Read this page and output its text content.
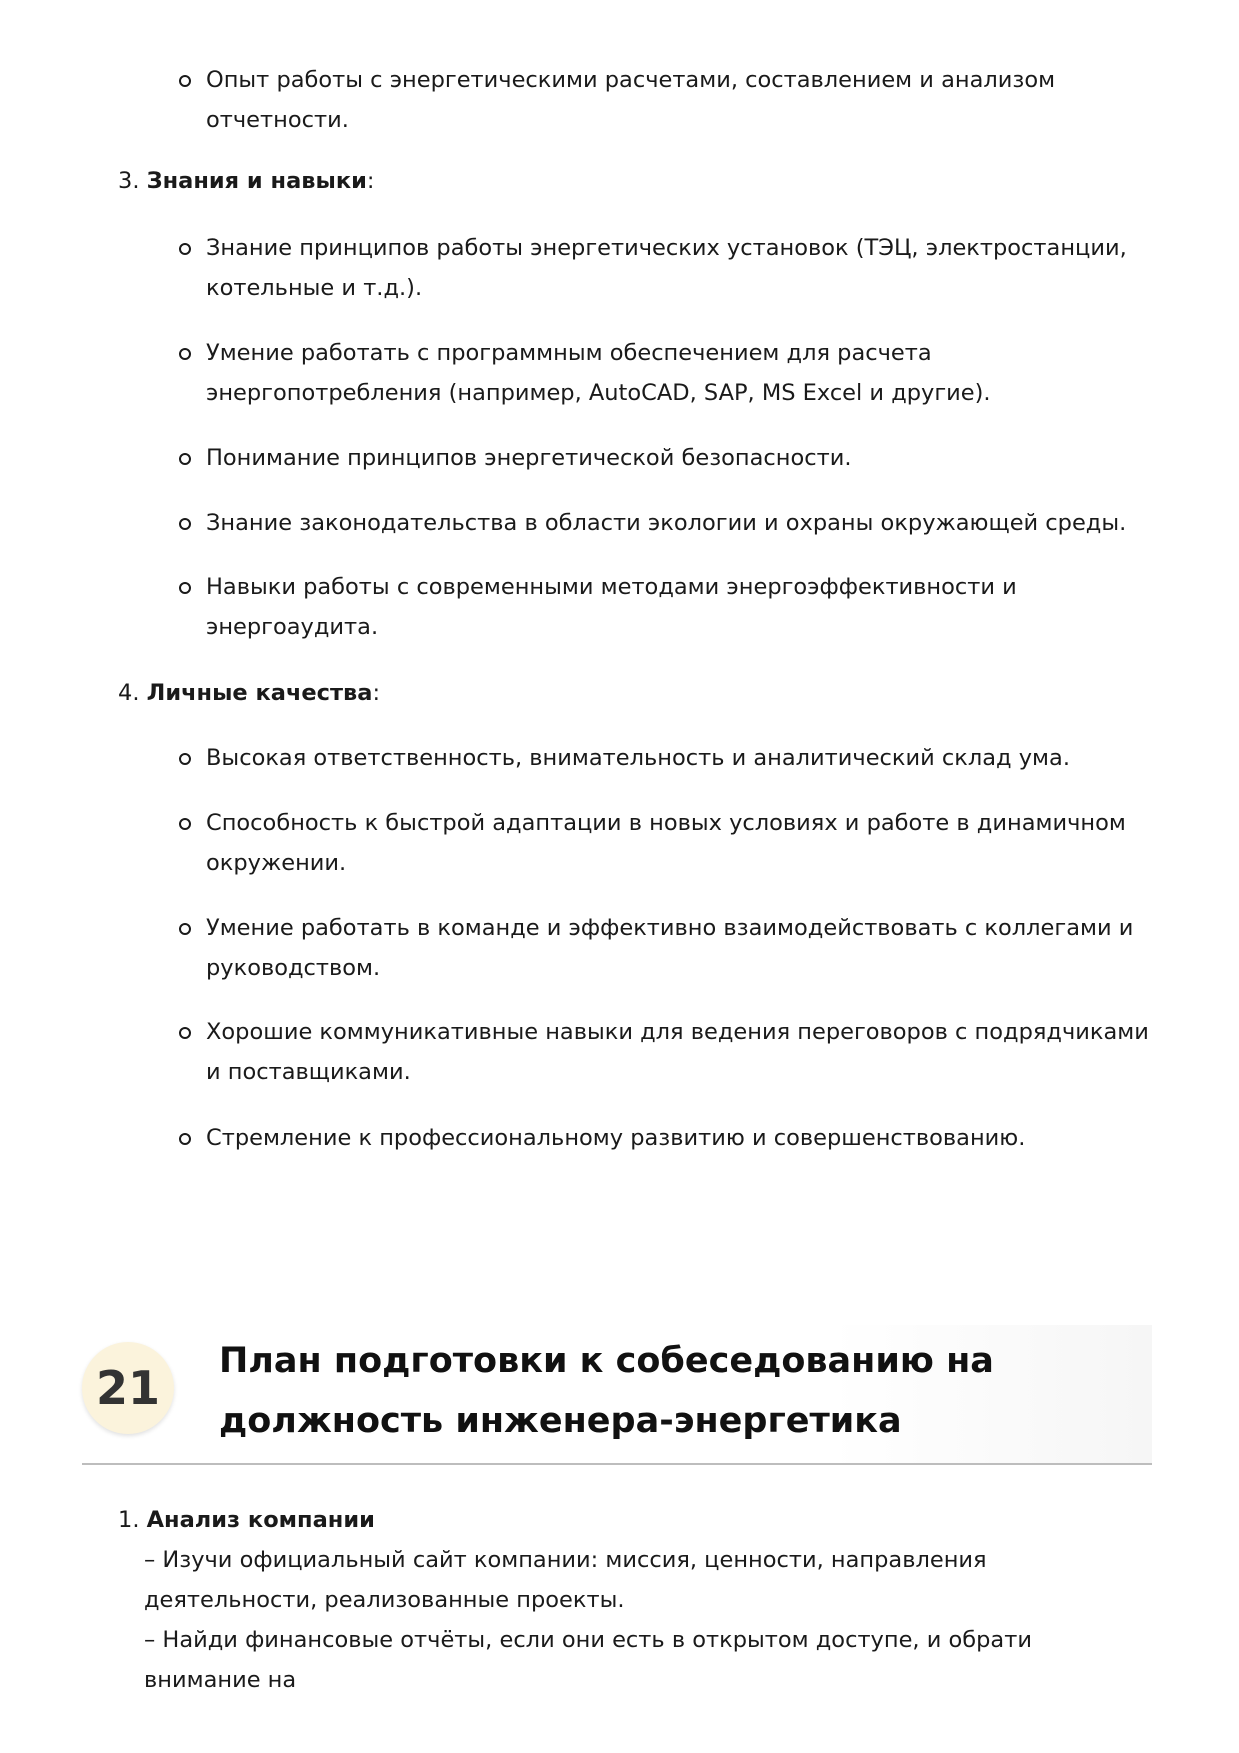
Опыт работы с энергетическими расчетами, составлением и анализом отчетности.
3. Знания и навыки:
Знание принципов работы энергетических установок (ТЭЦ, электростанции, котельные и т.д.).
Умение работать с программным обеспечением для расчета энергопотребления (например, AutoCAD, SAP, MS Excel и другие).
Понимание принципов энергетической безопасности.
Знание законодательства в области экологии и охраны окружающей среды.
Навыки работы с современными методами энергоэффективности и энергоаудита.
4. Личные качества:
Высокая ответственность, внимательность и аналитический склад ума.
Способность к быстрой адаптации в новых условиях и работе в динамичном окружении.
Умение работать в команде и эффективно взаимодействовать с коллегами и руководством.
Хорошие коммуникативные навыки для ведения переговоров с подрядчиками и поставщиками.
Стремление к профессиональному развитию и совершенствованию.
21	План подготовки к собеседованию на должность инженера-энергетика
1. Анализ компании
– Изучи официальный сайт компании: миссия, ценности, направления деятельности, реализованные проекты.
– Найди финансовые отчёты, если они есть в открытом доступе, и обрати внимание на
